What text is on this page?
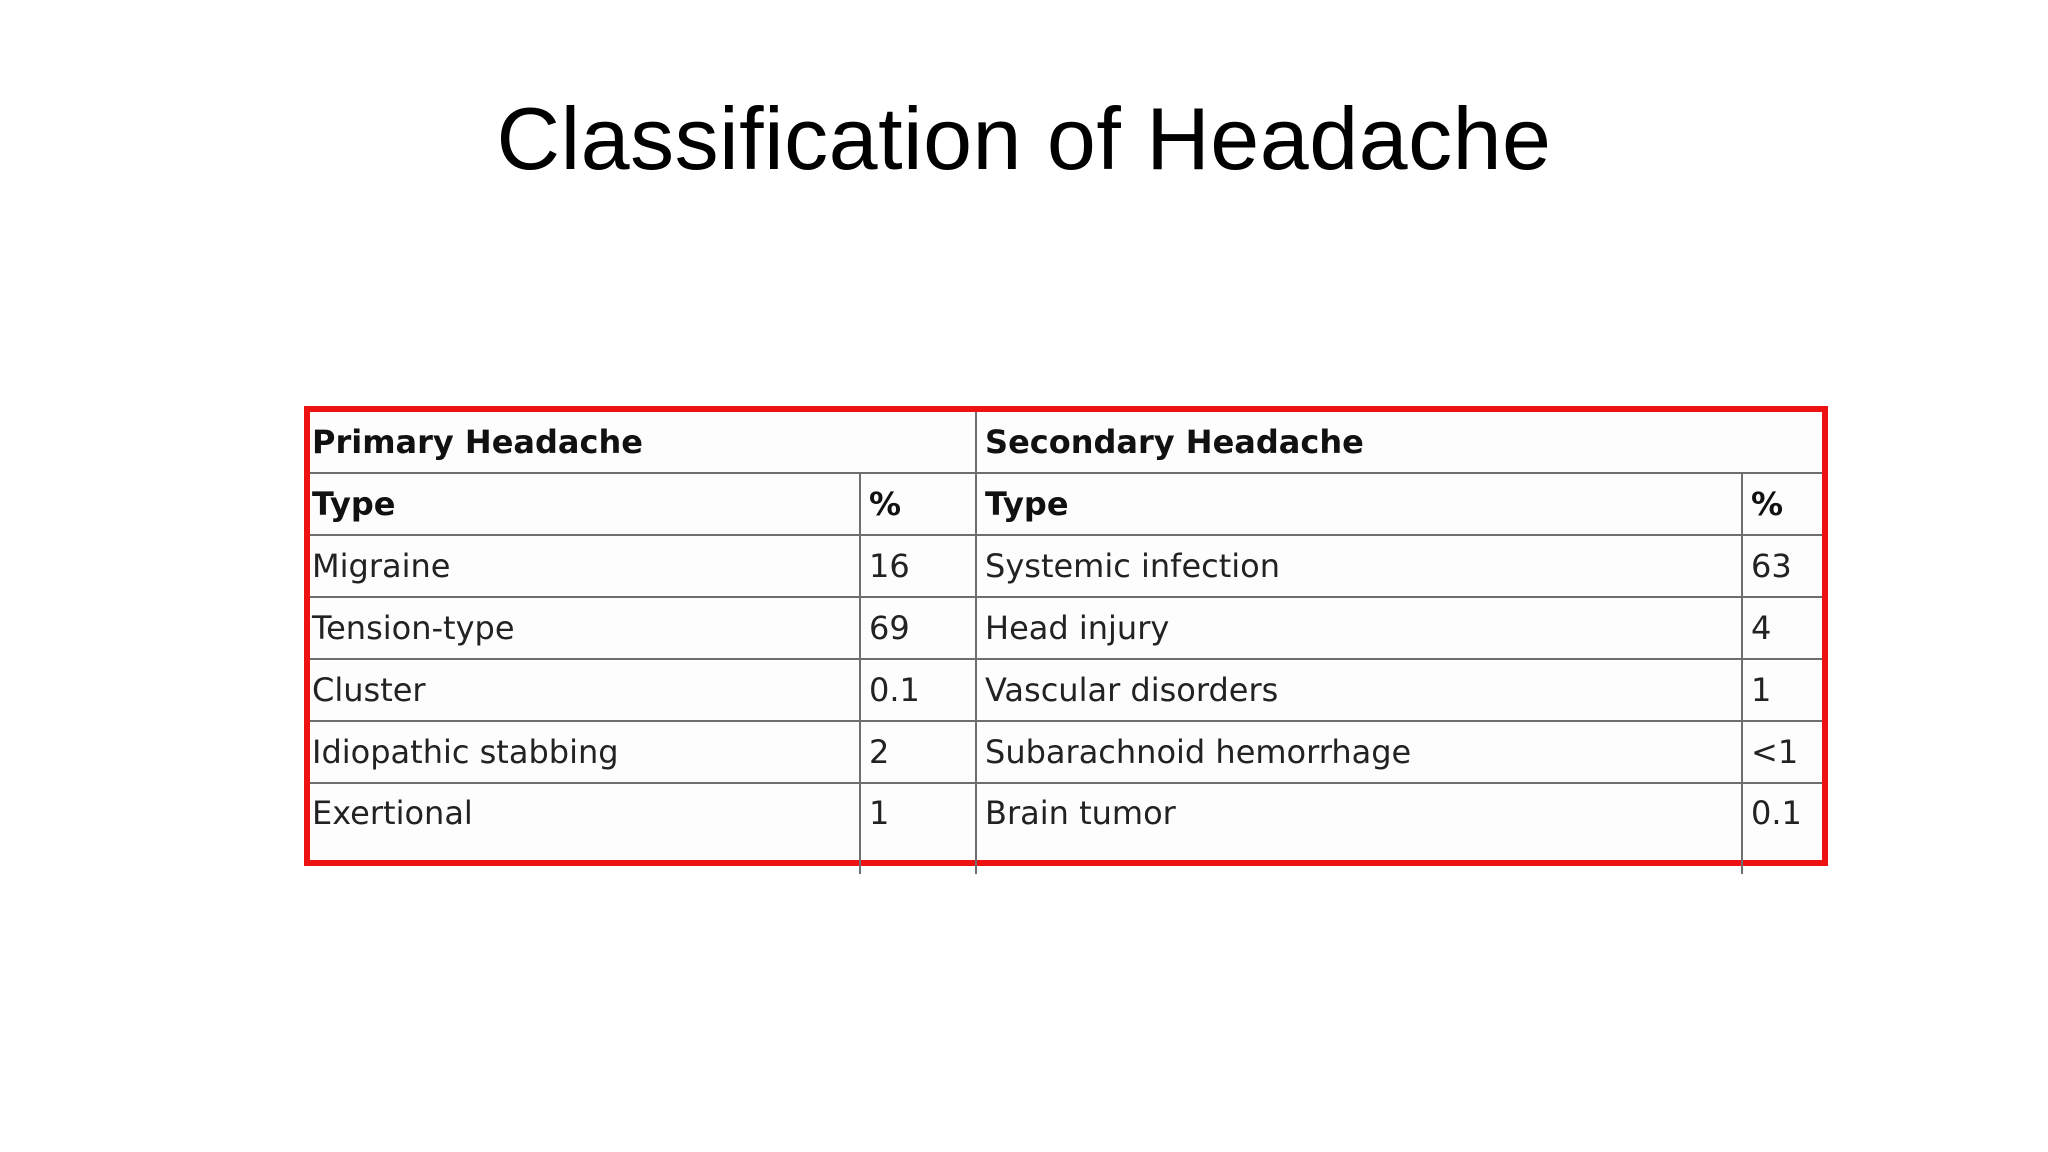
Classification of Headache
Primary Headache		Secondary Headache	
Type	%	Type	%
Migraine	16	Systemic infection	63
Tension-type	69	Head injury	4
Cluster	0.1	Vascular disorders	1
Idiopathic stabbing	2	Subarachnoid hemorrhage	<1
Exertional	1	Brain tumor	0.1
